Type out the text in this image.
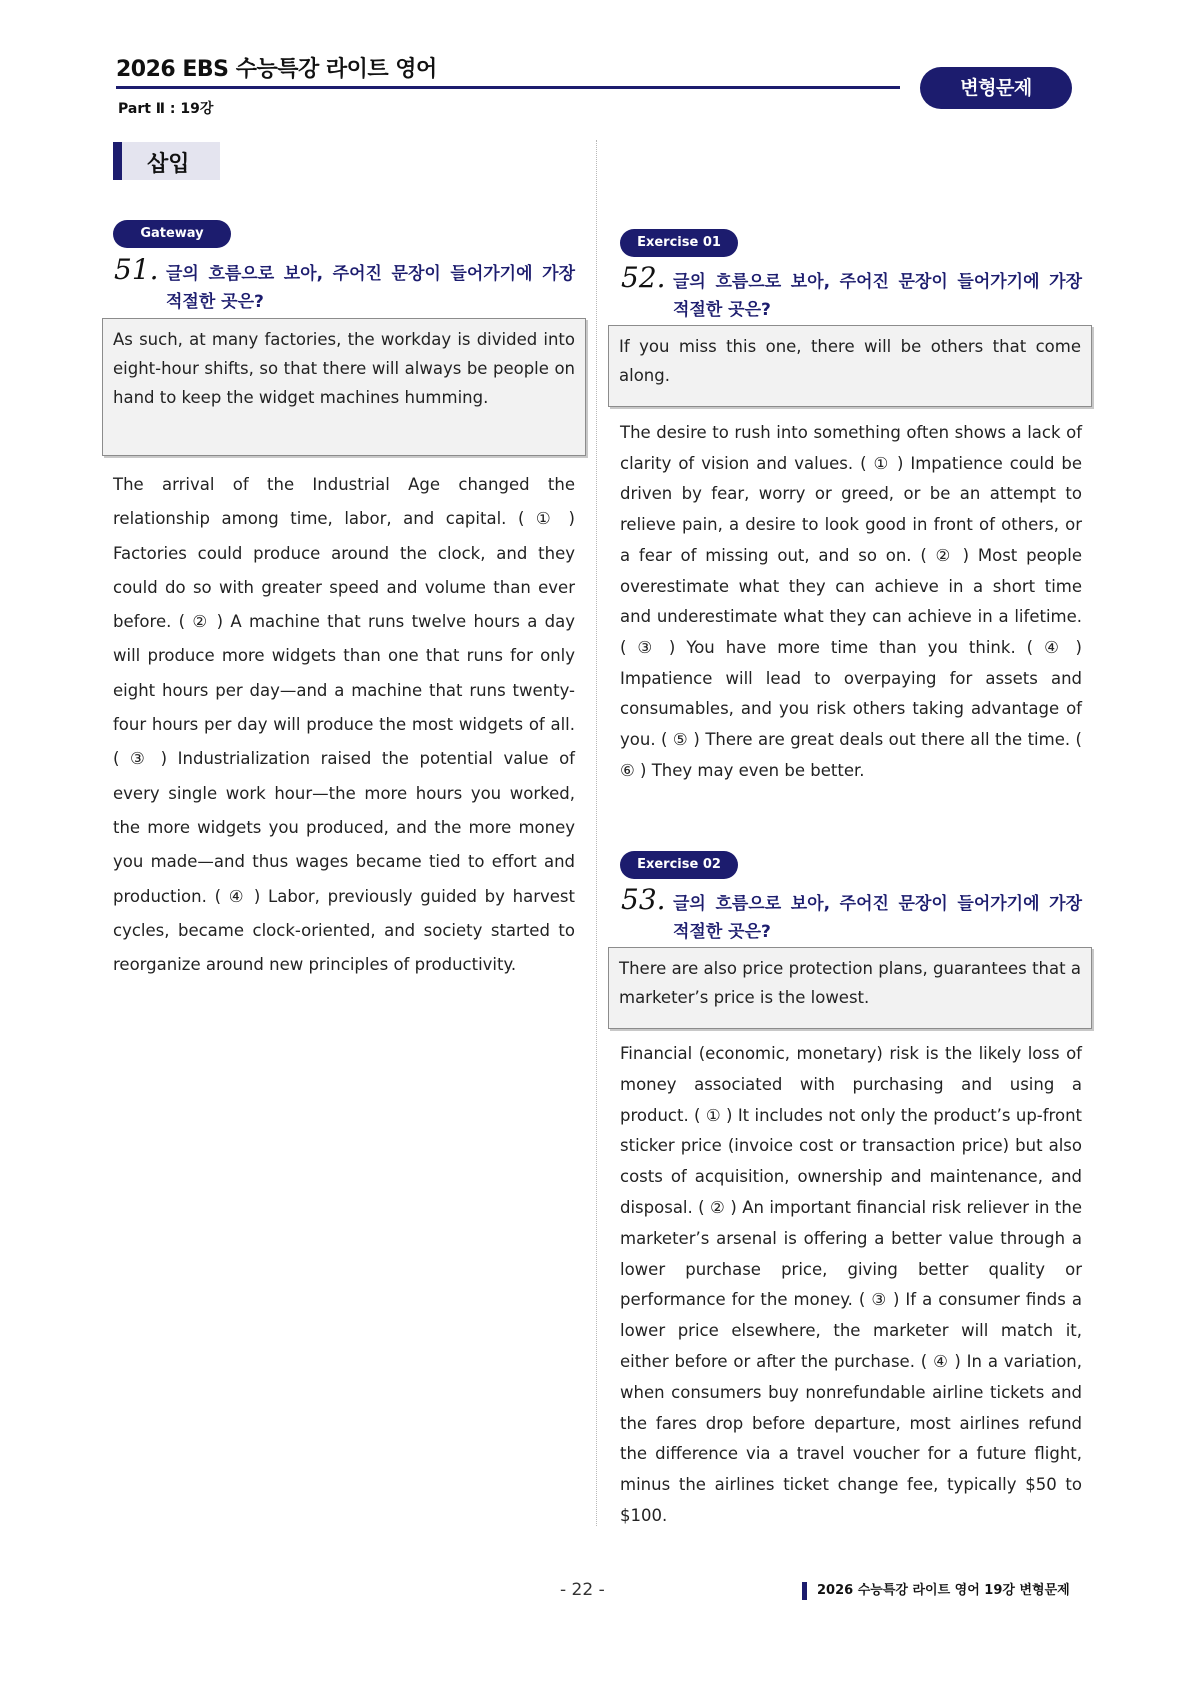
2026 EBS 수능특강 라이트 영어
Part Ⅱ : 19강
변형문제
삽입
Gateway
51. 글의 흐름으로 보아, 주어진 문장이 들어가기에 가장
적절한 곳은?
As such, at many factories, the workday is divided into eight-hour shifts, so that there will always be people on hand to keep the widget machines humming.

The arrival of the Industrial Age changed the relationship among time, labor, and capital. ( ① ) Factories could produce around the clock, and they could do so with greater speed and volume than ever before. ( ② ) A machine that runs twelve hours a day will produce more widgets than one that runs for only eight hours per day—and a machine that runs twenty-four hours per day will produce the most widgets of all. ( ③ ) Industrialization raised the potential value of every single work hour—the more hours you worked, the more widgets you produced, and the more money you made—and thus wages became tied to effort and production. ( ④ ) Labor, previously guided by harvest cycles, became clock-oriented, and society started to reorganize around new principles of productivity.

Exercise 01
52. 글의 흐름으로 보아, 주어진 문장이 들어가기에 가장
적절한 곳은?
If you miss this one, there will be others that come along.

The desire to rush into something often shows a lack of clarity of vision and values. ( ① ) Impatience could be driven by fear, worry or greed, or be an attempt to relieve pain, a desire to look good in front of others, or a fear of missing out, and so on. ( ② ) Most people overestimate what they can achieve in a short time and underestimate what they can achieve in a lifetime. ( ③ ) You have more time than you think. ( ④ ) Impatience will lead to overpaying for assets and consumables, and you risk others taking advantage of you. ( ⑤ ) There are great deals out there all the time. ( ⑥ ) They may even be better.

Exercise 02
53. 글의 흐름으로 보아, 주어진 문장이 들어가기에 가장
적절한 곳은?
There are also price protection plans, guarantees that a marketer’s price is the lowest.

Financial (economic, monetary) risk is the likely loss of money associated with purchasing and using a product. ( ① ) It includes not only the product’s up-front sticker price (invoice cost or transaction price) but also costs of acquisition, ownership and maintenance, and disposal. ( ② ) An important financial risk reliever in the marketer’s arsenal is offering a better value through a lower purchase price, giving better quality or performance for the money. ( ③ ) If a consumer finds a lower price elsewhere, the marketer will match it, either before or after the purchase. ( ④ ) In a variation, when consumers buy nonrefundable airline tickets and the fares drop before departure, most airlines refund the difference via a travel voucher for a future flight, minus the airlines ticket change fee, typically $50 to $100.

- 22 -	2026 수능특강 라이트 영어 19강 변형문제
